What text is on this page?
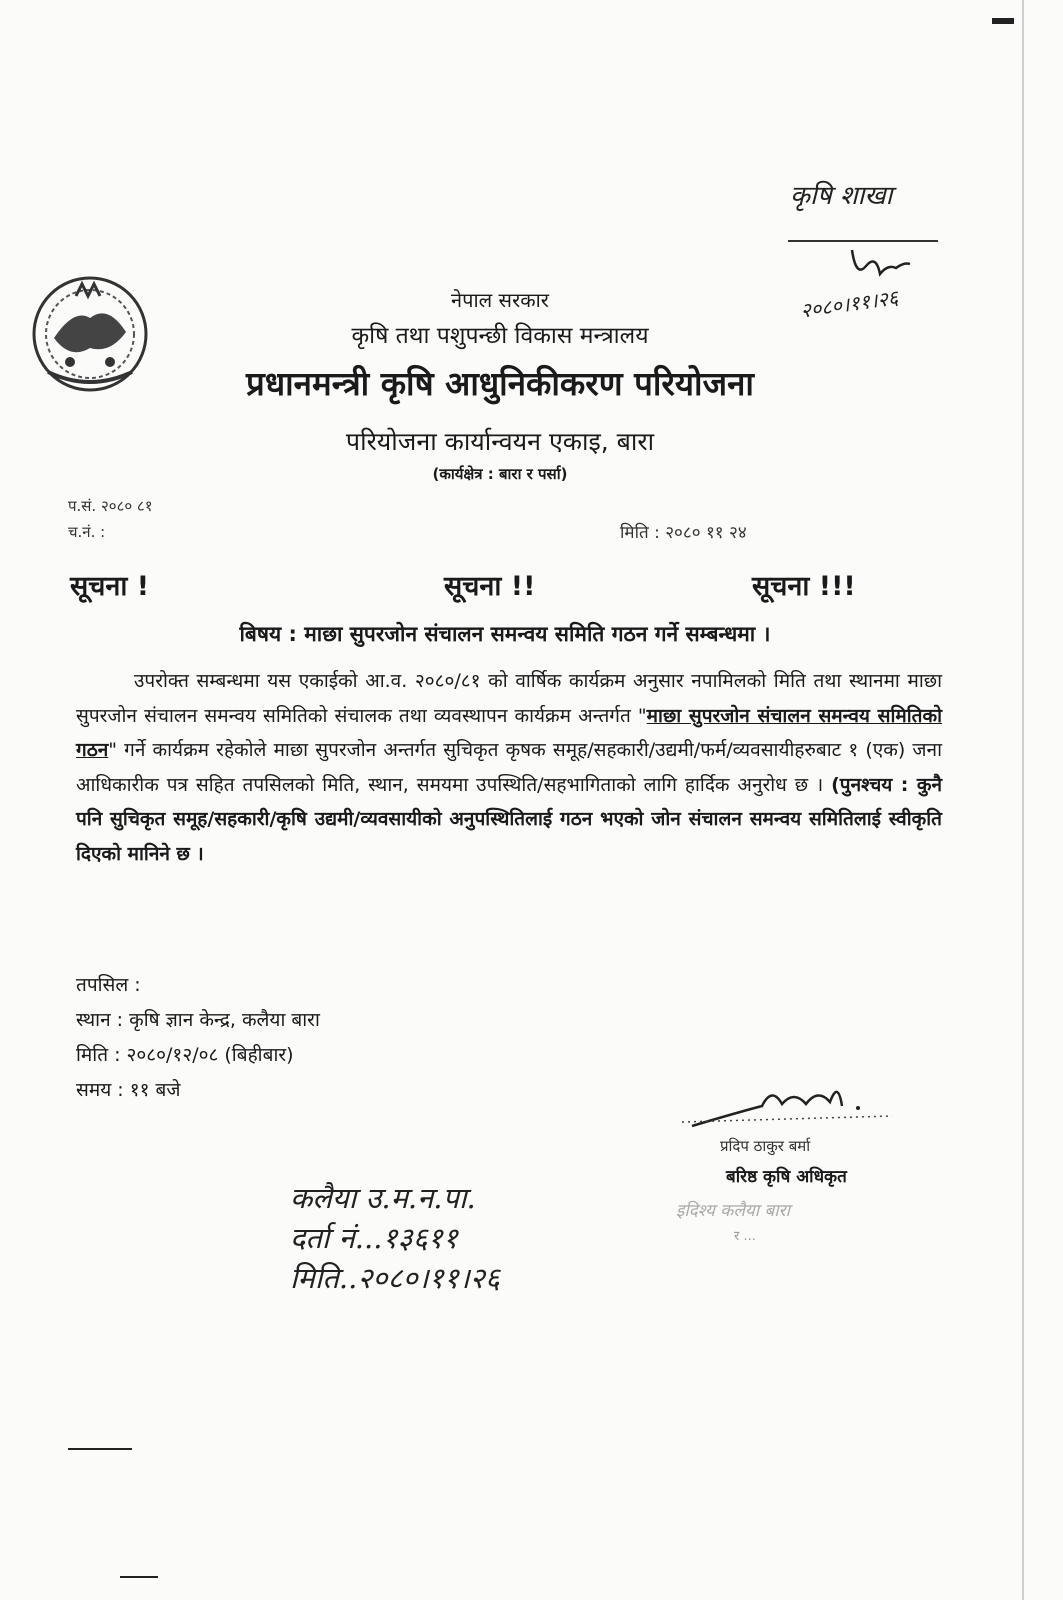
कृषि शाखा
२०८०।११।२६
नेपाल सरकार
कृषि तथा पशुपन्छी विकास मन्त्रालय
प्रधानमन्त्री कृषि आधुनिकीकरण परियोजना
परियोजना कार्यान्वयन एकाइ, बारा
(कार्यक्षेत्र : बारा र पर्सा)
प.सं. २०८० ८१
च.नं. :	मिति : २०८० ११ २४
सूचना !	सूचना !!	सूचना !!!
बिषय : माछा सुपरजोन संचालन समन्वय समिति गठन गर्ने सम्बन्धमा ।

उपरोक्त सम्बन्धमा यस एकाईको आ.व. २०८०/८१ को वार्षिक कार्यक्रम अनुसार नपामिलको मिति तथा स्थानमा माछा सुपरजोन संचालन समन्वय समितिको संचालक तथा व्यवस्थापन कार्यक्रम अन्तर्गत "माछा सुपरजोन संचालन समन्वय समितिको गठन" गर्ने कार्यक्रम रहेकोले माछा सुपरजोन अन्तर्गत सुचिकृत कृषक समूह/सहकारी/उद्यमी/फर्म/व्यवसायीहरुबाट १ (एक) जना आधिकारीक पत्र सहित तपसिलको मिति, स्थान, समयमा उपस्थिति/सहभागिताको लागि हार्दिक अनुरोध छ । (पुनश्चय : कुनै पनि सुचिकृत समूह/सहकारी/कृषि उद्यमी/व्यवसायीको अनुपस्थितिलाई गठन भएको जोन संचालन समन्वय समितिलाई स्वीकृति दिएको मानिने छ ।

तपसिल :
स्थान : कृषि ज्ञान केन्द्र, कलैया बारा
मिति : २०८०/१२/०८ (बिहीबार)
समय : ११ बजे
प्रदिप ठाकुर बर्मा
बरिष्ठ कृषि अधिकृत
इदिश्य कलैया बारा
र ...
कलैया उ.म.न.पा.
दर्ता नं...१३६११
मिति..२०८०।११।२६
